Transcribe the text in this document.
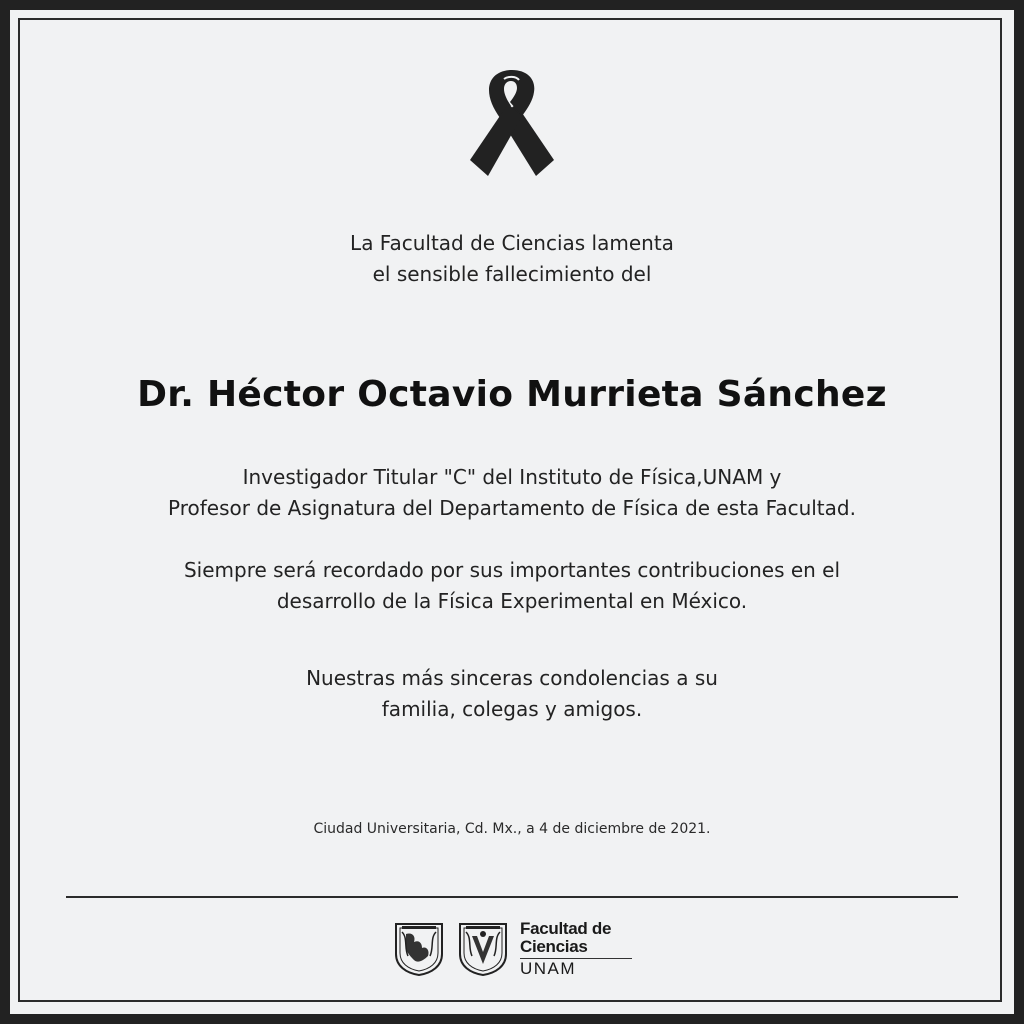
La Facultad de Ciencias lamenta
el sensible fallecimiento del
Dr. Héctor Octavio Murrieta Sánchez
Investigador Titular "C" del Instituto de Física,UNAM y
Profesor de Asignatura del Departamento de Física de esta Facultad.
Siempre será recordado por sus importantes contribuciones en el
desarrollo de la Física Experimental en México.
Nuestras más sinceras condolencias a su
familia, colegas y amigos.
Ciudad Universitaria, Cd. Mx., a 4 de diciembre de 2021.
Facultad de
Ciencias
UNAM
